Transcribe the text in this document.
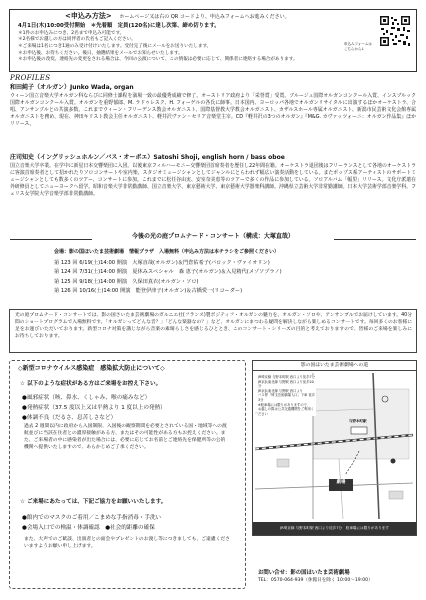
<申込み方法> ホームページ又は右の QR コードより、申込みフォームへお進みください。

4月1日(木)10:00受付開始　＊先着順　定員(120名)に達し次第、締め切ります。

＊1件のお申込みにつき、2名まで申込み可能です。

＊2名様でお越しの方は同伴者の氏名もご記入ください。

＊ご来場は1名につき1通のみ受け付けいたします。受付完了後にメールをお送りいたします。

＊お申込後、お待ちください。後日、抽選結果をメールでお知らせいたします。

＊お申込後の改変、連絡先の変更をされる場合は、今回の公演について、この情報は必要に応じて、関係者に連絡する場合があります。

申込みフォームはこちらから↓
PROFILES
和田純子（オルガン）Junko Wada, organ

ウィーン国立音楽大学オルガン科ならびに同修士課程を満場一致の最優秀成績で修了。オーストリア政府より「栄誉賞」受賞。ブルージュ国際オルガンコンクール入賞、インスブルック国際オルガンコンクール入賞。オルガンを重野郁郎、M. ラドゥレスク、H. フォーゲルの各氏に師事。日本国内、ヨーロッパ各地でオルガンリサイタルに出演するほかオーケストラ、合唱、アンサンブルとの共演多数。これまでウィーン・フリーデンス教会オルガニスト、国際基督教大学教会オルガニスト、カザルスホール専属オルガニスト、新潟市民芸術文化会館専属オルガニストを務め、現在、神田キリスト教会主任オルガニスト、軽井沢ヴァン・セリア音楽堂主宰。CD『軽井沢の3つのオルガン』『M&G. カヴァッツォーニ：オルガン作品集』ほかリリース。

庄司知史（イングリッシュホルン／バス・オーボエ）Satoshi Shoji, english horn / bass oboe

国立音楽大学卒業。在学中に新星日本交響楽団に入団。以後東京フィルハーモニー交響楽団首席奏者を歴任し22年間在籍。オーケストラ退団後はフリーランスとして各地のオーケストラに客演首席奏者として招かれたりソロコンサートや室内楽、スタジオミュージシャンとしてジャンルにとらわれず幅広い演奏活動をしている。またポップス系アーティストのサポートミュージシャンとしても数多くのツアー、コンサートに参加。これまでに松任谷由実、安室奈美恵等のツアーで多くの作品に参加している。ソロアルバム「幅里」リリース。文化庁派遣在外研修員としてニューヨークへ留学。昭和音楽大学非常勤講師、国立音楽大学、東京藝術大学、東京藝術大学器楽科講師。沖縄県立芸術大学非常勤講師。日本大学芸術学部音楽学科、フェリス女学院大学音楽学部非常勤講師。

今後の光の庭プロムナード・コンサート（構成：大塚直哉）
会場：影の国ほいたま芸術劇場　情報プラザ　入場無料（申込み方法は本チラシをご参照ください）

第 123 回 6/19(土)14:00 開演　大塚直哉(オルガン)＆門倉佑希子(バロック・ヴァイオリン)

第 124 回 7/31(土)14:00 開演　夏休みスペシャル　森 恵子(オルガン)＆入見精代(メゾソプラノ)

第 125 回 9/18(土)14:00 開演　久保田真衣(オルガン・ソロ)

第 126 回 10/16(土)14:00 開演　能登伊津子(オルガン)＆古橋愛一(リコーダー)

光の庭プロムナード・コンサートでは、影の国さいたま芸術劇場のガルニエ社(フランス)製ポジティフ・オルガンの魅力を、オルガン・ソロや、アンサンブルでお届けしています。40分間のショートプログラムで入場無料です。「オルガンってどんな音？」「どんな楽器なの？」など、オルガンにまつわる疑問を解決しながら楽しめるコンサートです。毎回多くのお客様に足をお運びいただいております。新型コロナ対策を講じながら音楽の素晴らしさを感じるひととき、このコンサート・シリーズの目的と考えておりますので、皆様のご来場を楽しみにお待ちしております。

◇新型コロナウイルス感染症　感染拡大防止について◇
☆ 以下のような症状がある方はご来場をお控え下さい。

●風邪症状（咳、鼻水、くしゃみ、喉の痛みなど）

●発熱症状（37.5 度以上又は平熱より 1 度以上の発熱）

●体調不良（だるさ、息苦しさなど）

過去 2 週間以内に政府から入国制限、入国後の観察期間を必要とされている国・地域等への渡航並びに当該在住者との濃厚接触がある方、またはその可能性がある方もお控えください。また、ご来場者の中に感染者が出た場合には、必要に応じてお名前とご連絡先を保健所等の公的機関へ提供いたしますので、あらかじめご了承ください。

☆ ご来場にあたっては、下記ご協力をお願いいたします。

●館内でのマスクのご着用／こまめな手指消毒・手洗い

●会場入口での検温・体調確認　●社会的距離の確保

また、大声でのご歓談、出演者との面会やプレゼントのお渡し等につきましても、ご遠慮くださいますようお願い申し上げます。

影の国ほいたま芸術劇場への道

JR埼京線 与野本町駅 西口より徒歩7分

JR京浜東北線 与野駅 西口より徒歩20分

JR京浜東北線 与野駅 西口より

バス停「埼玉芸術劇場入口」下車 徒歩3分

※駐車場には限りがありますので、

お越しの際は公共交通機関をご利用ください

与野本町駅
劇場
JR埼京線 与野本町駅 西口より徒歩7分　駐車場には限りがあります

お問い合せ：影の国ほいたま芸術劇場

TEL：0570-064-939（休館日を除く 10:00〜19:00）
